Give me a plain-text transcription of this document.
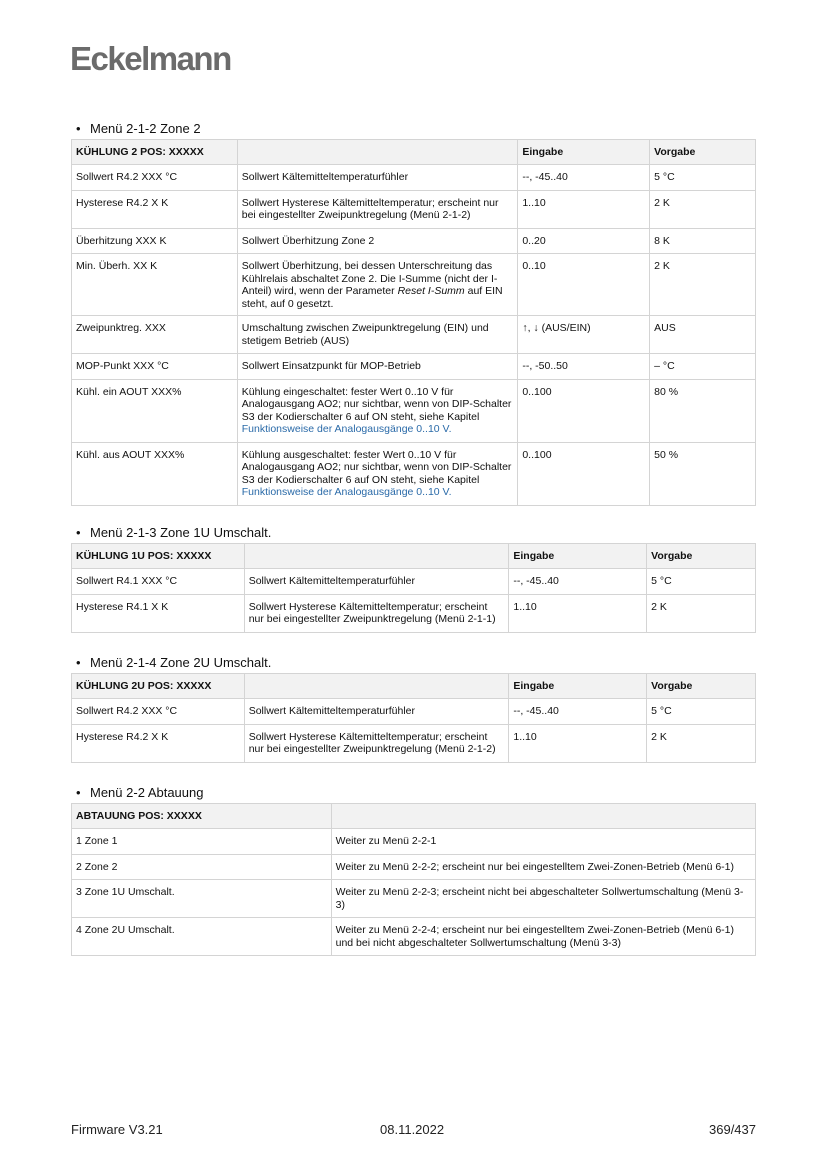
Eckelmann
• Menü 2-1-2 Zone 2
KÜHLUNG 2 POS: XXXXX		Eingabe	Vorgabe
Sollwert R4.2 XXX °C	Sollwert Kältemitteltemperaturfühler	--, -45..40	5 °C
Hysterese R4.2 X K	Sollwert Hysterese Kältemitteltemperatur; erscheint nur bei eingestellter Zweipunktregelung (Menü 2-1-2)	1..10	2 K
Überhitzung XXX K	Sollwert Überhitzung Zone 2	0..20	8 K
Min. Überh. XX K	Sollwert Überhitzung, bei dessen Unterschreitung das Kühlrelais abschaltet Zone 2. Die I-Summe (nicht der I-Anteil) wird, wenn der Parameter Reset I-Summ auf EIN steht, auf 0 gesetzt.	0..10	2 K
Zweipunktreg. XXX	Umschaltung zwischen Zweipunktregelung (EIN) und stetigem Betrieb (AUS)	↑, ↓ (AUS/EIN)	AUS
MOP-Punkt XXX °C	Sollwert Einsatzpunkt für MOP-Betrieb	--, -50..50	– °C
Kühl. ein AOUT XXX%	Kühlung eingeschaltet: fester Wert 0..10 V für Analogausgang AO2; nur sichtbar, wenn von DIP-Schalter S3 der Kodierschalter 6 auf ON steht, siehe Kapitel Funktionsweise der Analogausgänge 0..10 V.	0..100	80 %
Kühl. aus AOUT XXX%	Kühlung ausgeschaltet: fester Wert 0..10 V für Analogausgang AO2; nur sichtbar, wenn von DIP-Schalter S3 der Kodierschalter 6 auf ON steht, siehe Kapitel Funktionsweise der Analogausgänge 0..10 V.	0..100	50 %
• Menü 2-1-3 Zone 1U Umschalt.
KÜHLUNG 1U POS: XXXXX		Eingabe	Vorgabe
Sollwert R4.1 XXX °C	Sollwert Kältemitteltemperaturfühler	--, -45..40	5 °C
Hysterese R4.1 X K	Sollwert Hysterese Kältemitteltemperatur; erscheint nur bei eingestellter Zweipunktregelung (Menü 2-1-1)	1..10	2 K
• Menü 2-1-4 Zone 2U Umschalt.
KÜHLUNG 2U POS: XXXXX		Eingabe	Vorgabe
Sollwert R4.2 XXX °C	Sollwert Kältemitteltemperaturfühler	--, -45..40	5 °C
Hysterese R4.2 X K	Sollwert Hysterese Kältemitteltemperatur; erscheint nur bei eingestellter Zweipunktregelung (Menü 2-1-2)	1..10	2 K
• Menü 2-2 Abtauung
ABTAUUNG POS: XXXXX	
1 Zone 1	Weiter zu Menü 2-2-1
2 Zone 2	Weiter zu Menü 2-2-2; erscheint nur bei eingestelltem Zwei-Zonen-Betrieb (Menü 6-1)
3 Zone 1U Umschalt.	Weiter zu Menü 2-2-3; erscheint nicht bei abgeschalteter Sollwertumschaltung (Menü 3-3)
4 Zone 2U Umschalt.	Weiter zu Menü 2-2-4; erscheint nur bei eingestelltem Zwei-Zonen-Betrieb (Menü 6-1) und bei nicht abgeschalteter Sollwertumschaltung (Menü 3-3)
Firmware V3.21	08.11.2022	369/437
